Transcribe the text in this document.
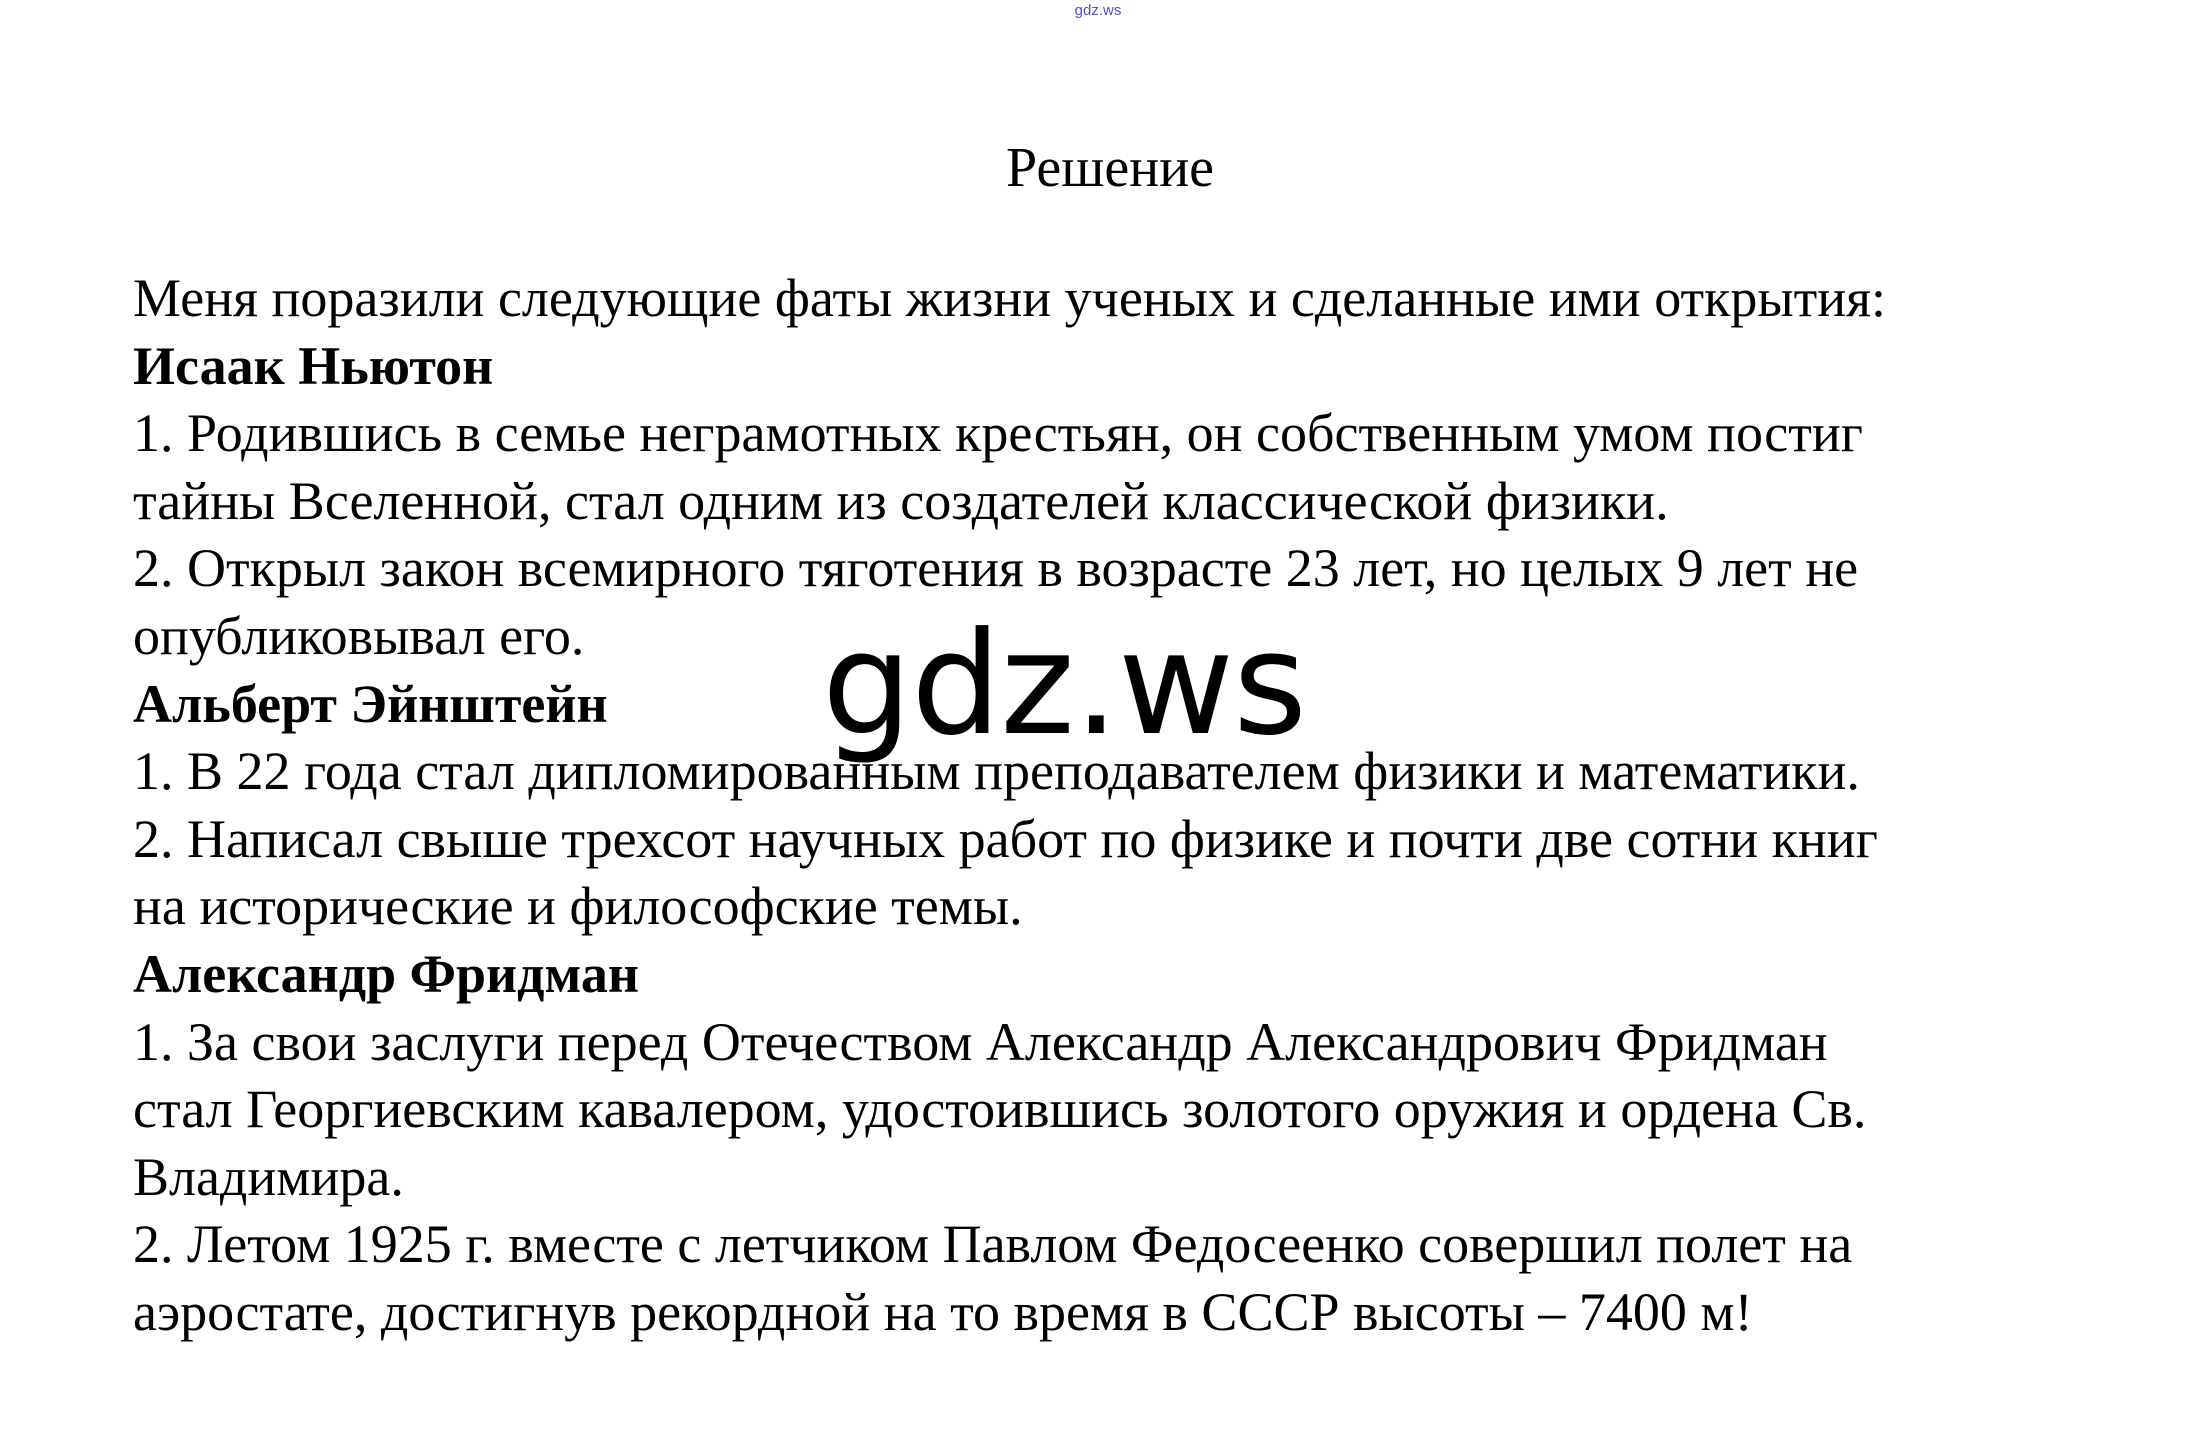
gdz.ws
Решение

Меня поразили следующие фаты жизни ученых и сделанные ими открытия:

Исаак Ньютон

1. Родившись в семье неграмотных крестьян, он собственным умом постиг

тайны Вселенной, стал одним из создателей классической физики.

2. Открыл закон всемирного тяготения в возрасте 23 лет, но целых 9 лет не

опубликовывал его.

Альберт Эйнштейн

1. В 22 года стал дипломированным преподавателем физики и математики.

2. Написал свыше трехсот научных работ по физике и почти две сотни книг

на исторические и философские темы.

Александр Фридман

1. За свои заслуги перед Отечеством Александр Александрович Фридман

стал Георгиевским кавалером, удостоившись золотого оружия и ордена Св.

Владимира.

2. Летом 1925 г. вместе с летчиком Павлом Федосеенко совершил полет на

аэростате, достигнув рекордной на то время в СССР высоты – 7400 м!

gdz.ws
